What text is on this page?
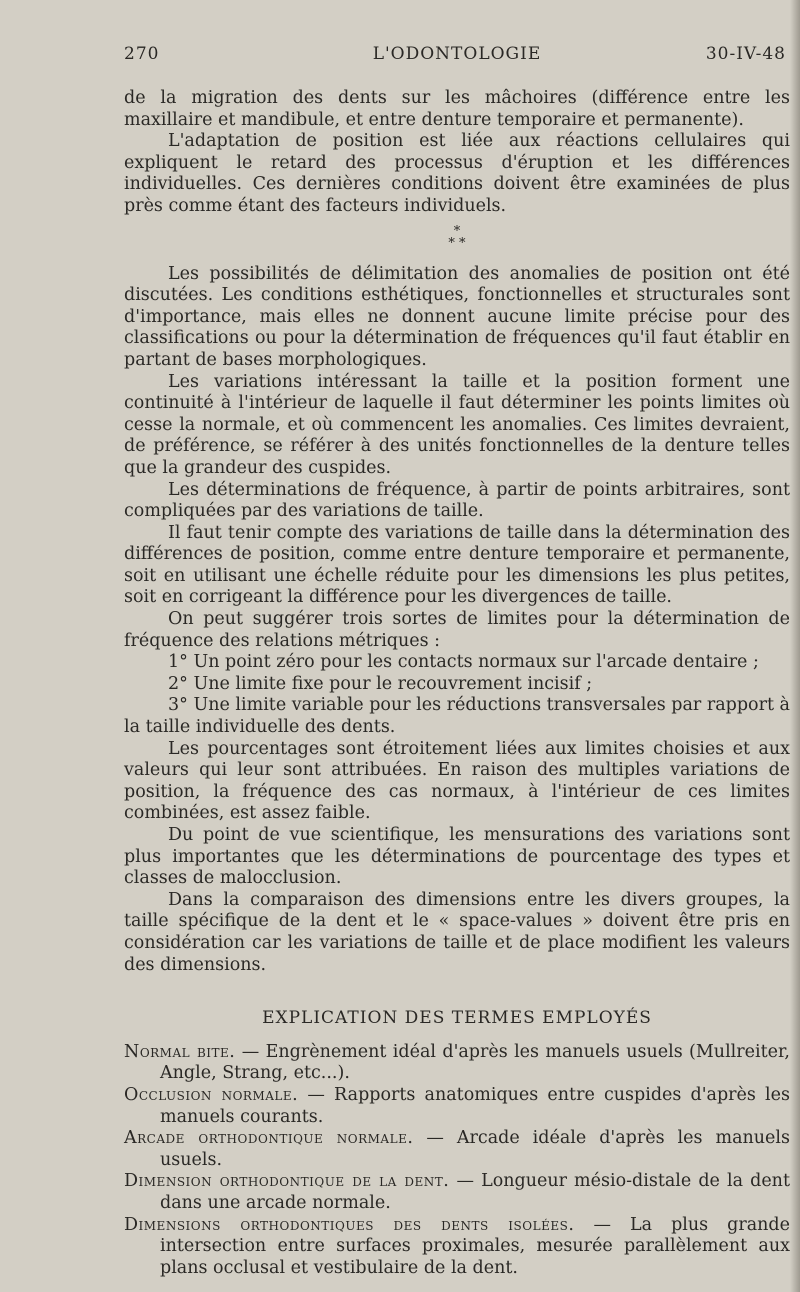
270	L'ODONTOLOGIE	30-IV-48

de la migration des dents sur les mâchoires (différence entre les maxillaire et mandibule, et entre denture temporaire et permanente).

L'adaptation de position est liée aux réactions cellulaires qui expliquent le retard des processus d'éruption et les différences individuelles. Ces dernières conditions doivent être examinées de plus près comme étant des facteurs individuels.

*
* *

Les possibilités de délimitation des anomalies de position ont été discutées. Les conditions esthétiques, fonctionnelles et structurales sont d'importance, mais elles ne donnent aucune limite précise pour des classifications ou pour la détermination de fréquences qu'il faut établir en partant de bases morphologiques.

Les variations intéressant la taille et la position forment une continuité à l'intérieur de laquelle il faut déterminer les points limites où cesse la normale, et où commencent les anomalies. Ces limites devraient, de préférence, se référer à des unités fonctionnelles de la denture telles que la grandeur des cuspides.

Les déterminations de fréquence, à partir de points arbitraires, sont compliquées par des variations de taille.

Il faut tenir compte des variations de taille dans la détermination des différences de position, comme entre denture temporaire et permanente, soit en utilisant une échelle réduite pour les dimensions les plus petites, soit en corrigeant la différence pour les divergences de taille.

On peut suggérer trois sortes de limites pour la détermination de fréquence des relations métriques :

1° Un point zéro pour les contacts normaux sur l'arcade dentaire ;

2° Une limite fixe pour le recouvrement incisif ;

3° Une limite variable pour les réductions transversales par rapport à la taille individuelle des dents.

Les pourcentages sont étroitement liées aux limites choisies et aux valeurs qui leur sont attribuées. En raison des multiples variations de position, la fréquence des cas normaux, à l'intérieur de ces limites combinées, est assez faible.

Du point de vue scientifique, les mensurations des variations sont plus importantes que les déterminations de pourcentage des types et classes de malocclusion.

Dans la comparaison des dimensions entre les divers groupes, la taille spécifique de la dent et le « space-values » doivent être pris en considération car les variations de taille et de place modifient les valeurs des dimensions.

EXPLICATION DES TERMES EMPLOYÉS

Normal bite. — Engrènement idéal d'après les manuels usuels (Mullreiter, Angle, Strang, etc...).

Occlusion normale. — Rapports anatomiques entre cuspides d'après les manuels courants.

Arcade orthodontique normale. — Arcade idéale d'après les manuels usuels.

Dimension orthodontique de la dent. — Longueur mésio-distale de la dent dans une arcade normale.

Dimensions orthodontiques des dents isolées. — La plus grande intersection entre surfaces proximales, mesurée parallèlement aux plans occlusal et vestibulaire de la dent.
